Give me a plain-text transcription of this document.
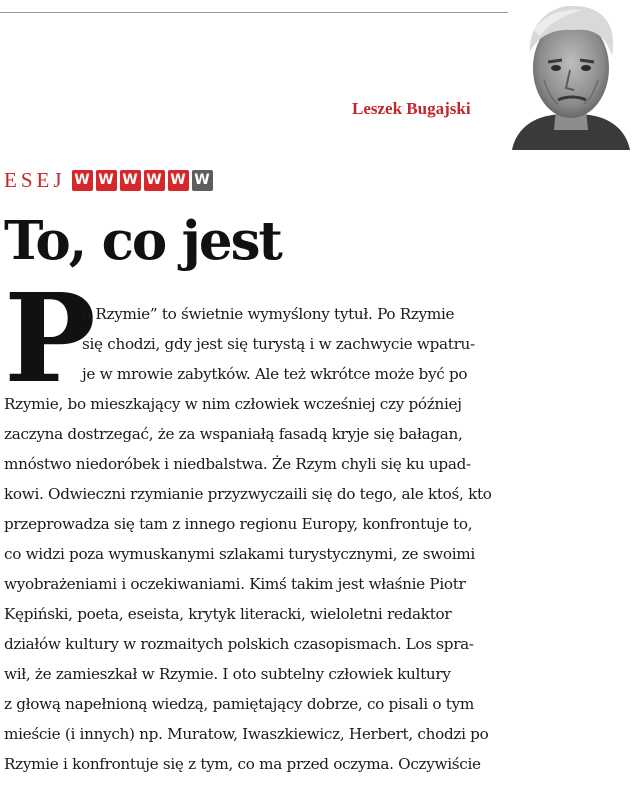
Leszek Bugajski
ESEJ W W W W W W
To, co jest
P
o Rzymie” to świetnie wymyślony tytuł. Po Rzymie
się chodzi, gdy jest się turystą i w zachwycie wpatru-
je w mrowie zabytków. Ale też wkrótce może być po
Rzymie, bo mieszkający w nim człowiek wcześniej czy później
zaczyna dostrzegać, że za wspaniałą fasadą kryje się bałagan,
mnóstwo niedoróbek i niedbalstwa. Że Rzym chyli się ku upad-
kowi. Odwieczni rzymianie przyzwyczaili się do tego, ale ktoś, kto
przeprowadza się tam z innego regionu Europy, konfrontuje to,
co widzi poza wymuskanymi szlakami turystycznymi, ze swoimi
wyobrażeniami i oczekiwaniami. Kimś takim jest właśnie Piotr
Kępiński, poeta, eseista, krytyk literacki, wieloletni redaktor
działów kultury w rozmaitych polskich czasopismach. Los spra-
wił, że zamieszkał w Rzymie. I oto subtelny człowiek kultury
z głową napełnioną wiedzą, pamiętający dobrze, co pisali o tym
mieście (i innych) np. Muratow, Iwaszkiewicz, Herbert, chodzi po
Rzymie i konfrontuje się z tym, co ma przed oczyma. Oczywiście
